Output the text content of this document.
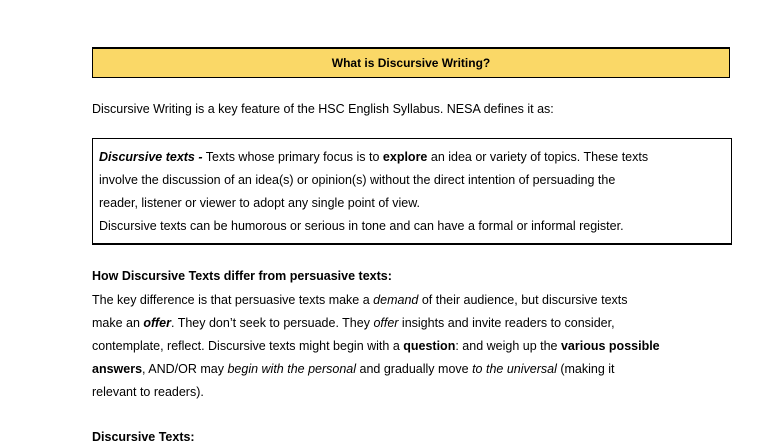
What is Discursive Writing?
Discursive Writing is a key feature of the HSC English Syllabus. NESA defines it as:
Discursive texts - Texts whose primary focus is to explore an idea or variety of topics. These texts
involve the discussion of an idea(s) or opinion(s) without the direct intention of persuading the
reader, listener or viewer to adopt any single point of view.
Discursive texts can be humorous or serious in tone and can have a formal or informal register.
How Discursive Texts differ from persuasive texts:
The key difference is that persuasive texts make a demand of their audience, but discursive texts
make an offer. They don’t seek to persuade. They offer insights and invite readers to consider,
contemplate, reflect. Discursive texts might begin with a question: and weigh up the various possible
answers, AND/OR may begin with the personal and gradually move to the universal (making it
relevant to readers).
Discursive Texts:
